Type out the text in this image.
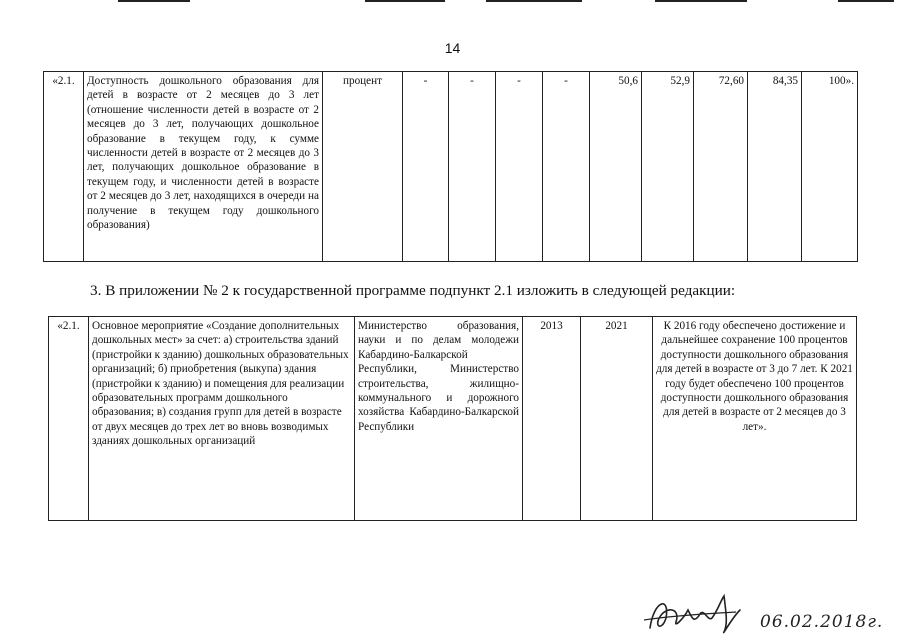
14
«2.1.	Доступность дошкольного образования для детей в возрасте от 2 месяцев до 3 лет (отношение численности детей в возрасте от 2 месяцев до 3 лет, получающих дошкольное образование в текущем году, к сумме численности детей в возрасте от 2 месяцев до 3 лет, получающих дошкольное образование в текущем году, и численности детей в возрасте от 2 месяцев до 3 лет, находящихся в очереди на получение в текущем году дошкольного образования)	процент	-	-	-	-	50,6	52,9	72,60	84,35	100».
3. В приложении № 2 к государственной программе подпункт 2.1 изложить в следующей редакции:
«2.1.	Основное мероприятие «Создание дополнительных дошкольных мест» за счет: а) строительства зданий (пристройки к зданию) дошкольных образовательных организаций; б) приобретения (выкупа) здания (пристройки к зданию) и помещения для реализации образовательных программ дошкольного образования; в) создания групп для детей в возрасте от двух месяцев до трех лет во вновь возводимых зданиях дошкольных организаций	Министерство образования, науки и по делам молодежи Кабардино-Балкарской Республики, Министерство строительства, жилищно-коммунального и дорожного хозяйства Кабардино-Балкарской Республики	2013	2021	К 2016 году обеспечено достижение и дальнейшее сохранение 100 процентов доступности дошкольного образования для детей в возрасте от 3 до 7 лет. К 2021 году будет обеспечено 100 процентов доступности дошкольного образования для детей в возрасте от 2 месяцев до 3 лет».
06.02.2018г.
